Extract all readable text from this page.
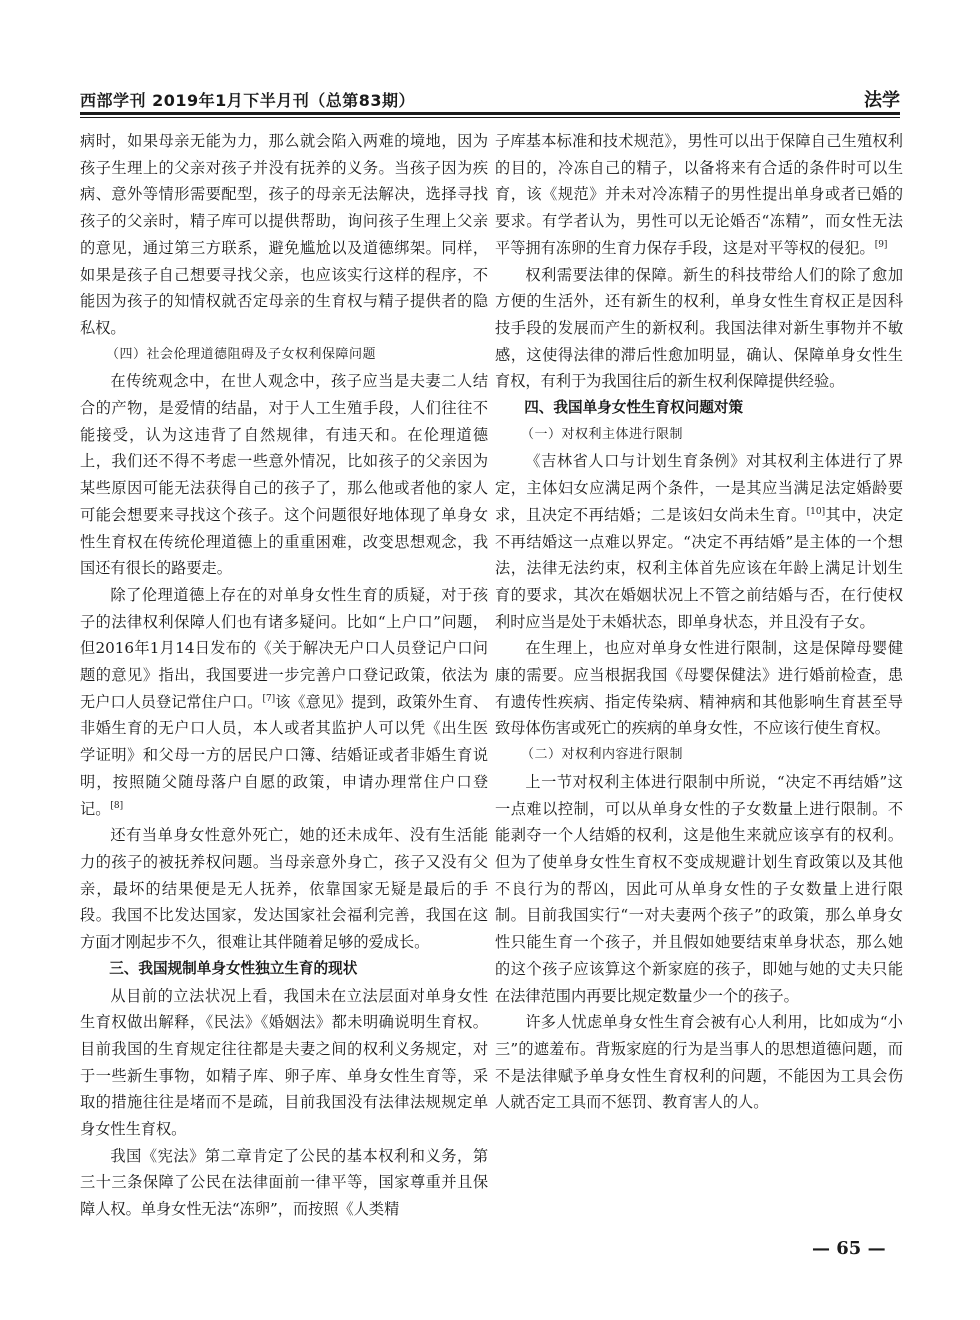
西部学刊 2019年1月下半月刊（总第83期）	法学

病时，如果母亲无能为力，那么就会陷入两难的境地，因为孩子生理上的父亲对孩子并没有抚养的义务。当孩子因为疾病、意外等情形需要配型，孩子的母亲无法解决，选择寻找孩子的父亲时，精子库可以提供帮助，询问孩子生理上父亲的意见，通过第三方联系，避免尴尬以及道德绑架。同样，如果是孩子自己想要寻找父亲，也应该实行这样的程序，不能因为孩子的知情权就否定母亲的生育权与精子提供者的隐私权。

（四）社会伦理道德阻碍及子女权利保障问题

在传统观念中，在世人观念中，孩子应当是夫妻二人结合的产物，是爱情的结晶，对于人工生殖手段，人们往往不能接受，认为这违背了自然规律，有违天和。在伦理道德上，我们还不得不考虑一些意外情况，比如孩子的父亲因为某些原因可能无法获得自己的孩子了，那么他或者他的家人可能会想要来寻找这个孩子。这个问题很好地体现了单身女性生育权在传统伦理道德上的重重困难，改变思想观念，我国还有很长的路要走。

除了伦理道德上存在的对单身女性生育的质疑，对于孩子的法律权利保障人们也有诸多疑问。比如“上户口”问题，但2016年1月14日发布的《关于解决无户口人员登记户口问题的意见》指出，我国要进一步完善户口登记政策，依法为无户口人员登记常住户口。[7]该《意见》提到，政策外生育、非婚生育的无户口人员，本人或者其监护人可以凭《出生医学证明》和父母一方的居民户口簿、结婚证或者非婚生育说明，按照随父随母落户自愿的政策，申请办理常住户口登记。[8]

还有当单身女性意外死亡，她的还未成年、没有生活能力的孩子的被抚养权问题。当母亲意外身亡，孩子又没有父亲，最坏的结果便是无人抚养，依靠国家无疑是最后的手段。我国不比发达国家，发达国家社会福利完善，我国在这方面才刚起步不久，很难让其伴随着足够的爱成长。

三、我国规制单身女性独立生育的现状

从目前的立法状况上看，我国未在立法层面对单身女性生育权做出解释，《民法》《婚姻法》都未明确说明生育权。目前我国的生育规定往往都是夫妻之间的权利义务规定，对于一些新生事物，如精子库、卵子库、单身女性生育等，采取的措施往往是堵而不是疏，目前我国没有法律法规规定单身女性生育权。

我国《宪法》第二章肯定了公民的基本权利和义务，第三十三条保障了公民在法律面前一律平等，国家尊重并且保障人权。单身女性无法“冻卵”，而按照《人类精

子库基本标准和技术规范》，男性可以出于保障自己生殖权利的目的，冷冻自己的精子，以备将来有合适的条件时可以生育，该《规范》并未对冷冻精子的男性提出单身或者已婚的要求。有学者认为，男性可以无论婚否“冻精”，而女性无法平等拥有冻卵的生育力保存手段，这是对平等权的侵犯。[9]

权利需要法律的保障。新生的科技带给人们的除了愈加方便的生活外，还有新生的权利，单身女性生育权正是因科技手段的发展而产生的新权利。我国法律对新生事物并不敏感，这使得法律的滞后性愈加明显，确认、保障单身女性生育权，有利于为我国往后的新生权利保障提供经验。

四、我国单身女性生育权问题对策

（一）对权利主体进行限制

《吉林省人口与计划生育条例》对其权利主体进行了界定，主体妇女应满足两个条件，一是其应当满足法定婚龄要求，且决定不再结婚；二是该妇女尚未生育。[10]其中，决定不再结婚这一点难以界定。“决定不再结婚”是主体的一个想法，法律无法约束，权利主体首先应该在年龄上满足计划生育的要求，其次在婚姻状况上不管之前结婚与否，在行使权利时应当是处于未婚状态，即单身状态，并且没有子女。

在生理上，也应对单身女性进行限制，这是保障母婴健康的需要。应当根据我国《母婴保健法》进行婚前检查，患有遗传性疾病、指定传染病、精神病和其他影响生育甚至导致母体伤害或死亡的疾病的单身女性，不应该行使生育权。

（二）对权利内容进行限制

上一节对权利主体进行限制中所说，“决定不再结婚”这一点难以控制，可以从单身女性的子女数量上进行限制。不能剥夺一个人结婚的权利，这是他生来就应该享有的权利。但为了使单身女性生育权不变成规避计划生育政策以及其他不良行为的帮凶，因此可从单身女性的子女数量上进行限制。目前我国实行“一对夫妻两个孩子”的政策，那么单身女性只能生育一个孩子，并且假如她要结束单身状态，那么她的这个孩子应该算这个新家庭的孩子，即她与她的丈夫只能在法律范围内再要比规定数量少一个的孩子。

许多人忧虑单身女性生育会被有心人利用，比如成为“小三”的遮羞布。背叛家庭的行为是当事人的思想道德问题，而不是法律赋予单身女性生育权利的问题，不能因为工具会伤人就否定工具而不惩罚、教育害人的人。

— 65 —
